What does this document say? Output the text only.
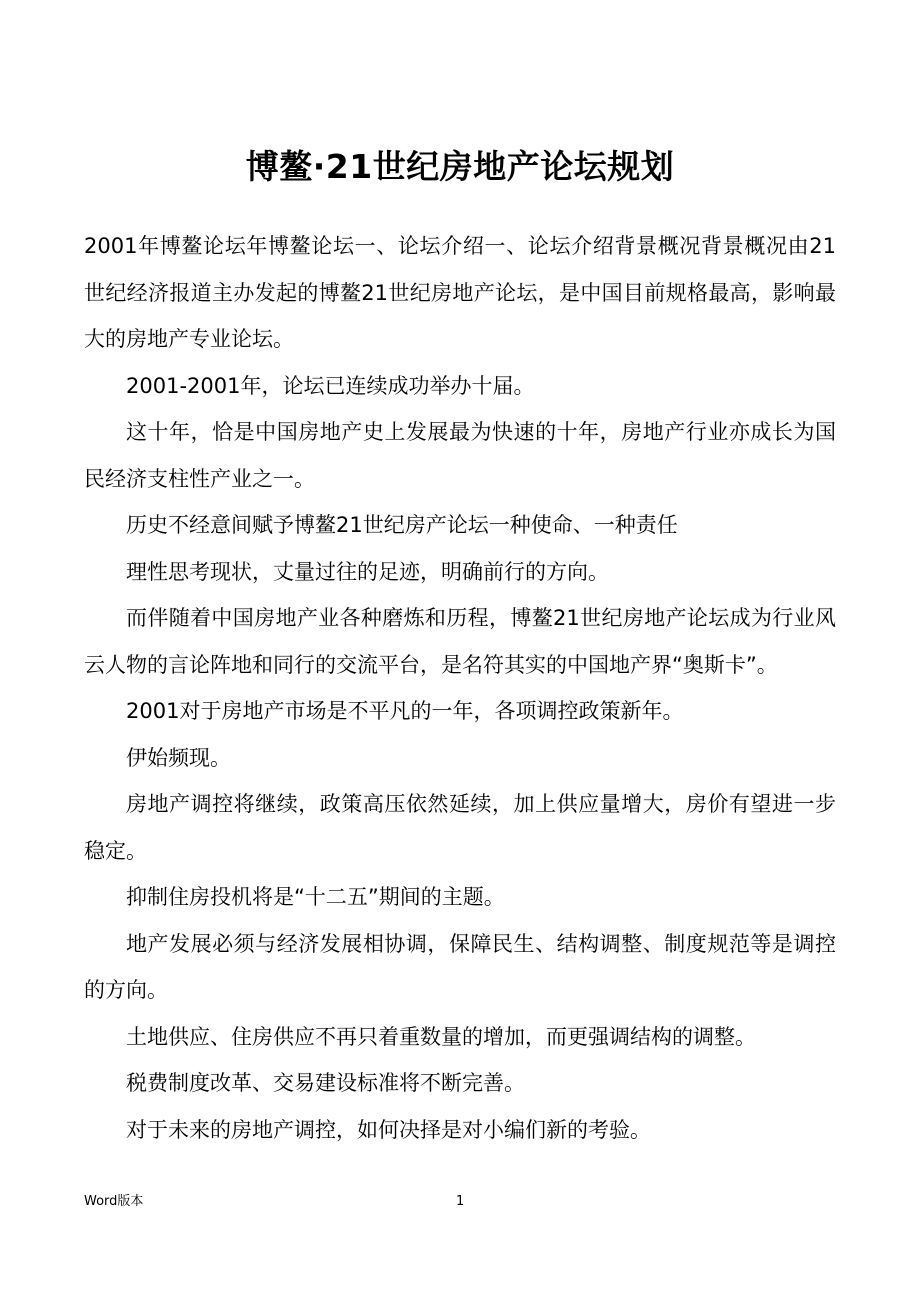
博鳌·21世纪房地产论坛规划

2001年博鳌论坛年博鳌论坛一、论坛介绍一、论坛介绍背景概况背景概况由21世纪经济报道主办发起的博鳌21世纪房地产论坛，是中国目前规格最高，影响最大的房地产专业论坛。

2001-2001年，论坛已连续成功举办十届。

这十年，恰是中国房地产史上发展最为快速的十年，房地产行业亦成长为国民经济支柱性产业之一。

历史不经意间赋予博鳌21世纪房产论坛一种使命、一种责任

理性思考现状，丈量过往的足迹，明确前行的方向。

而伴随着中国房地产业各种磨炼和历程，博鳌21世纪房地产论坛成为行业风云人物的言论阵地和同行的交流平台，是名符其实的中国地产界“奥斯卡”。

2001对于房地产市场是不平凡的一年，各项调控政策新年。

伊始频现。

房地产调控将继续，政策高压依然延续，加上供应量增大，房价有望进一步稳定。

抑制住房投机将是“十二五”期间的主题。

地产发展必须与经济发展相协调，保障民生、结构调整、制度规范等是调控的方向。

土地供应、住房供应不再只着重数量的增加，而更强调结构的调整。

税费制度改革、交易建设标准将不断完善。

对于未来的房地产调控，如何决择是对小编们新的考验。

Word版本	1
